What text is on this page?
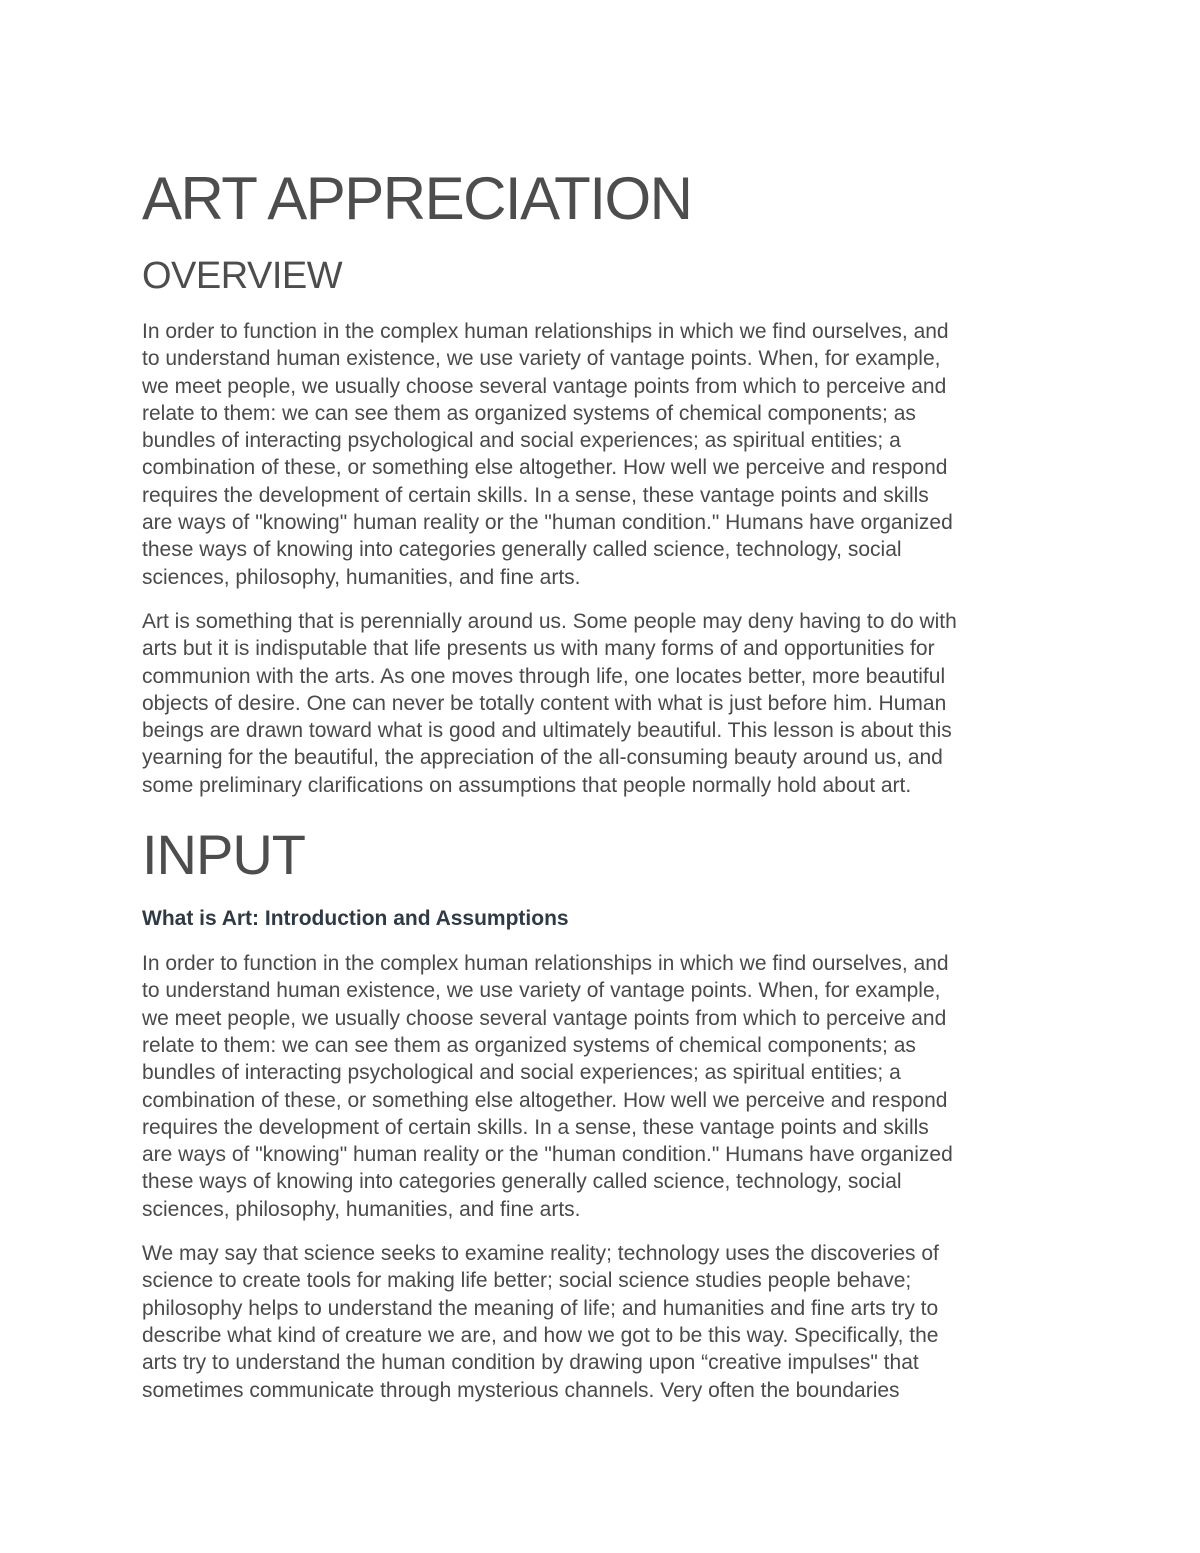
ART APPRECIATION
OVERVIEW

In order to function in the complex human relationships in which we find ourselves, and
to understand human existence, we use variety of vantage points. When, for example,
we meet people, we usually choose several vantage points from which to perceive and
relate to them: we can see them as organized systems of chemical components; as
bundles of interacting psychological and social experiences; as spiritual entities; a
combination of these, or something else altogether. How well we perceive and respond
requires the development of certain skills. In a sense, these vantage points and skills
are ways of "knowing" human reality or the "human condition." Humans have organized
these ways of knowing into categories generally called science, technology, social
sciences, philosophy, humanities, and fine arts.

Art is something that is perennially around us. Some people may deny having to do with
arts but it is indisputable that life presents us with many forms of and opportunities for
communion with the arts. As one moves through life, one locates better, more beautiful
objects of desire. One can never be totally content with what is just before him. Human
beings are drawn toward what is good and ultimately beautiful. This lesson is about this
yearning for the beautiful, the appreciation of the all-consuming beauty around us, and
some preliminary clarifications on assumptions that people normally hold about art.

INPUT
What is Art: Introduction and Assumptions

In order to function in the complex human relationships in which we find ourselves, and
to understand human existence, we use variety of vantage points. When, for example,
we meet people, we usually choose several vantage points from which to perceive and
relate to them: we can see them as organized systems of chemical components; as
bundles of interacting psychological and social experiences; as spiritual entities; a
combination of these, or something else altogether. How well we perceive and respond
requires the development of certain skills. In a sense, these vantage points and skills
are ways of "knowing" human reality or the "human condition." Humans have organized
these ways of knowing into categories generally called science, technology, social
sciences, philosophy, humanities, and fine arts.

We may say that science seeks to examine reality; technology uses the discoveries of
science to create tools for making life better; social science studies people behave;
philosophy helps to understand the meaning of life; and humanities and fine arts try to
describe what kind of creature we are, and how we got to be this way. Specifically, the
arts try to understand the human condition by drawing upon “creative impulses" that
sometimes communicate through mysterious channels. Very often the boundaries
